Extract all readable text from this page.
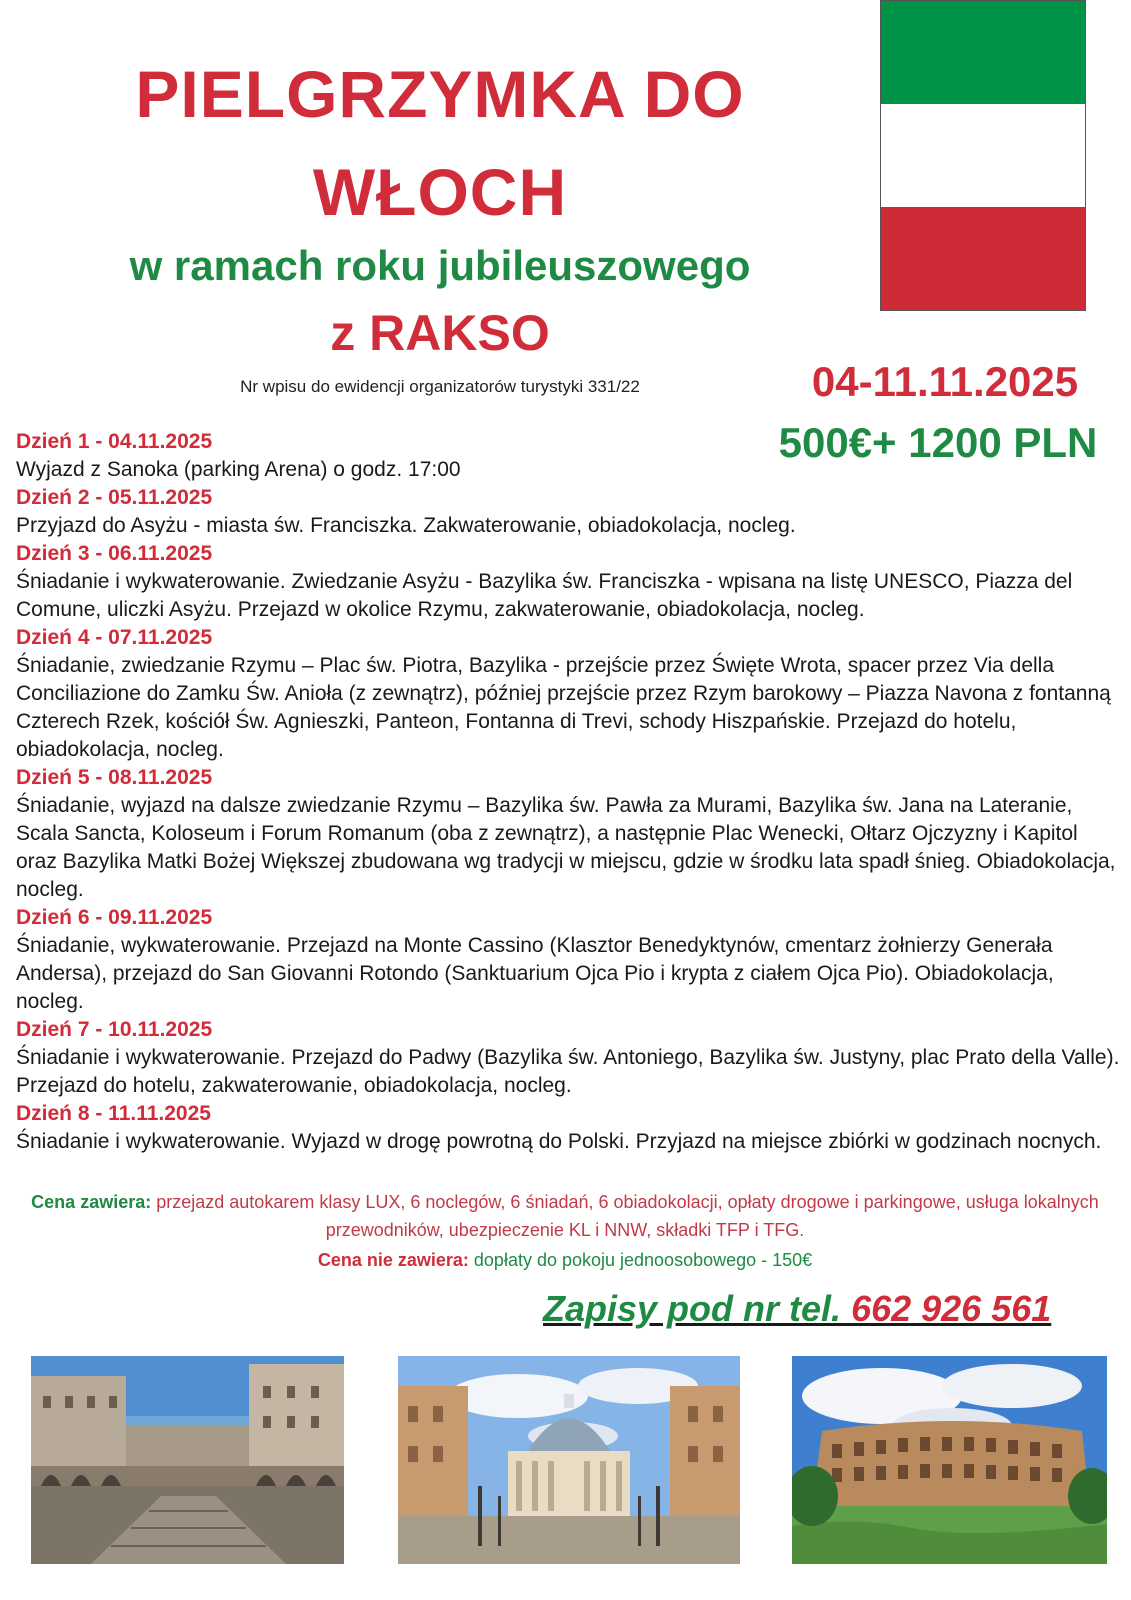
PIELGRZYMKA DO
WŁOCH
w ramach roku jubileuszowego
z RAKSO
Nr wpisu do ewidencji organizatorów turystyki 331/22	04-11.11.2025
500€+ 1200 PLN
Dzień 1 - 04.11.2025
Wyjazd z Sanoka (parking Arena) o godz. 17:00
Dzień 2 - 05.11.2025
Przyjazd do Asyżu - miasta św. Franciszka. Zakwaterowanie, obiadokolacja, nocleg.
Dzień 3 - 06.11.2025
Śniadanie i wykwaterowanie. Zwiedzanie Asyżu - Bazylika św. Franciszka - wpisana na listę UNESCO, Piazza del Comune, uliczki Asyżu. Przejazd w okolice Rzymu, zakwaterowanie, obiadokolacja, nocleg.
Dzień 4 - 07.11.2025
Śniadanie, zwiedzanie Rzymu – Plac św. Piotra, Bazylika - przejście przez Święte Wrota, spacer przez Via della Conciliazione do Zamku Św. Anioła (z zewnątrz), później przejście przez Rzym barokowy – Piazza Navona z fontanną Czterech Rzek, kościół Św. Agnieszki, Panteon, Fontanna di Trevi, schody Hiszpańskie. Przejazd do hotelu, obiadokolacja, nocleg.
Dzień 5 - 08.11.2025
Śniadanie, wyjazd na dalsze zwiedzanie Rzymu – Bazylika św. Pawła za Murami, Bazylika św. Jana na Lateranie, Scala Sancta, Koloseum i Forum Romanum (oba z zewnątrz), a następnie Plac Wenecki, Ołtarz Ojczyzny i Kapitol oraz Bazylika Matki Bożej Większej zbudowana wg tradycji w miejscu, gdzie w środku lata spadł śnieg. Obiadokolacja, nocleg.
Dzień 6 - 09.11.2025
Śniadanie, wykwaterowanie. Przejazd na Monte Cassino (Klasztor Benedyktynów, cmentarz żołnierzy Generała Andersa), przejazd do San Giovanni Rotondo (Sanktuarium Ojca Pio i krypta z ciałem Ojca Pio). Obiadokolacja, nocleg.
Dzień 7 - 10.11.2025
Śniadanie i wykwaterowanie. Przejazd do Padwy (Bazylika św. Antoniego, Bazylika św. Justyny, plac Prato della Valle). Przejazd do hotelu, zakwaterowanie, obiadokolacja, nocleg.
Dzień 8 - 11.11.2025
Śniadanie i wykwaterowanie. Wyjazd w drogę powrotną do Polski. Przyjazd na miejsce zbiórki w godzinach nocnych.
Cena zawiera: przejazd autokarem klasy LUX, 6 noclegów, 6 śniadań, 6 obiadokolacji, opłaty drogowe i parkingowe, usługa lokalnych przewodników, ubezpieczenie KL i NNW, składki TFP i TFG.
Cena nie zawiera: dopłaty do pokoju jednoosobowego - 150€
Zapisy pod nr tel. 662 926 561
